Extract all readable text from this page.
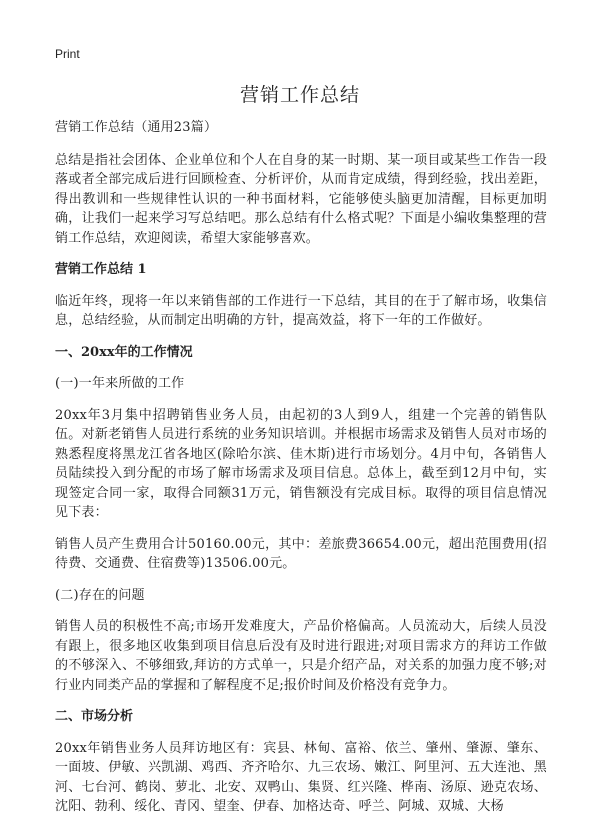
Print
营销工作总结

营销工作总结（通用23篇）

总结是指社会团体、企业单位和个人在自身的某一时期、某一项目或某些工作告一段落或者全部完成后进行回顾检查、分析评价，从而肯定成绩，得到经验，找出差距，得出教训和一些规律性认识的一种书面材料，它能够使头脑更加清醒，目标更加明确，让我们一起来学习写总结吧。那么总结有什么格式呢？下面是小编收集整理的营销工作总结，欢迎阅读，希望大家能够喜欢。

营销工作总结 1

临近年终，现将一年以来销售部的工作进行一下总结，其目的在于了解市场，收集信息，总结经验，从而制定出明确的方针，提高效益，将下一年的工作做好。

一、20xx年的工作情况

(一)一年来所做的工作

20xx年3月集中招聘销售业务人员，由起初的3人到9人，组建一个完善的销售队伍。对新老销售人员进行系统的业务知识培训。并根据市场需求及销售人员对市场的熟悉程度将黑龙江省各地区(除哈尔滨、佳木斯)进行市场划分。4月中旬，各销售人员陆续投入到分配的市场了解市场需求及项目信息。总体上，截至到12月中旬，实现签定合同一家，取得合同额31万元，销售额没有完成目标。取得的项目信息情况见下表：

销售人员产生费用合计50160.00元，其中：差旅费36654.00元，超出范围费用(招待费、交通费、住宿费等)13506.00元。

(二)存在的问题

销售人员的积极性不高;市场开发难度大，产品价格偏高。人员流动大，后续人员没有跟上，很多地区收集到项目信息后没有及时进行跟进;对项目需求方的拜访工作做的不够深入、不够细致,拜访的方式单一，只是介绍产品，对关系的加强力度不够;对行业内同类产品的掌握和了解程度不足;报价时间及价格没有竞争力。

二、市场分析

20xx年销售业务人员拜访地区有：宾县、林甸、富裕、依兰、肇州、肇源、肇东、一面坡、伊敏、兴凯湖、鸡西、齐齐哈尔、九三农场、嫩江、阿里河、五大连池、黑河、七台河、鹤岗、萝北、北安、双鸭山、集贤、红兴隆、桦南、汤原、逊克农场、沈阳、勃利、绥化、青冈、望奎、伊春、加格达奇、呼兰、阿城、双城、大杨
